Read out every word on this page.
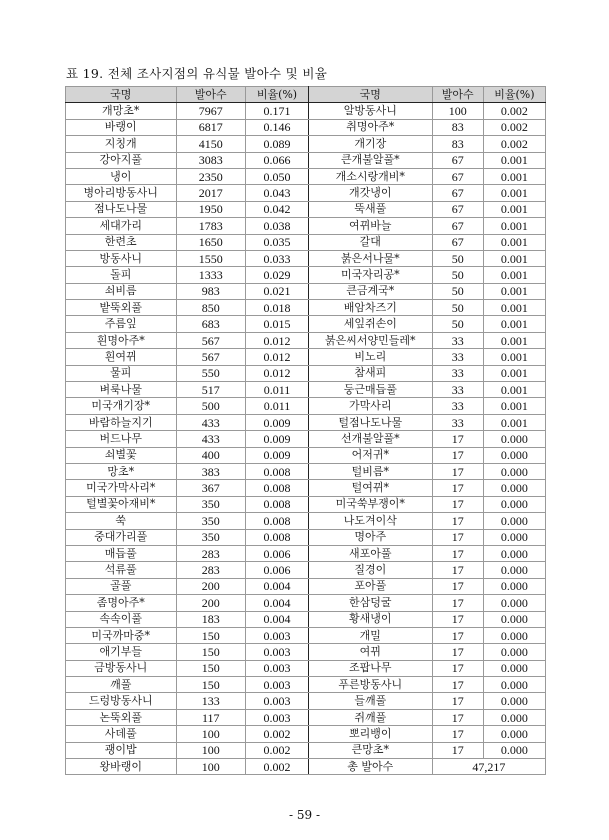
표 19. 전체 조사지점의 유식물 발아수 및 비율
국명	발아수	비율(%)	국명	발아수	비율(%)
개망초*	7967	0.171	알방동사니	100	0.002
바랭이	6817	0.146	취명아주*	83	0.002
지칭개	4150	0.089	개기장	83	0.002
강아지풀	3083	0.066	큰개불알풀*	67	0.001
냉이	2350	0.050	개소시랑개비*	67	0.001
병아리방동사니	2017	0.043	개갓냉이	67	0.001
점나도나물	1950	0.042	뚝새풀	67	0.001
세대가리	1783	0.038	여뀌바늘	67	0.001
한련초	1650	0.035	갈대	67	0.001
방동사니	1550	0.033	붉은서나물*	50	0.001
돌피	1333	0.029	미국자리공*	50	0.001
쇠비름	983	0.021	큰금계국*	50	0.001
밭뚝외풀	850	0.018	배암차즈기	50	0.001
주름잎	683	0.015	세잎쥐손이	50	0.001
흰명아주*	567	0.012	붉은씨서양민들레*	33	0.001
흰여뀌	567	0.012	비노리	33	0.001
물피	550	0.012	참새피	33	0.001
벼룩나물	517	0.011	둥근매듭풀	33	0.001
미국개기장*	500	0.011	가막사리	33	0.001
바람하늘지기	433	0.009	털점나도나물	33	0.001
버드나무	433	0.009	선개불알풀*	17	0.000
쇠별꽃	400	0.009	어저귀*	17	0.000
망초*	383	0.008	털비름*	17	0.000
미국가막사리*	367	0.008	털여뀌*	17	0.000
털별꽃아재비*	350	0.008	미국쑥부쟁이*	17	0.000
쑥	350	0.008	나도겨이삭	17	0.000
중대가리풀	350	0.008	명아주	17	0.000
매듭풀	283	0.006	새포아풀	17	0.000
석류풀	283	0.006	질경이	17	0.000
골풀	200	0.004	포아풀	17	0.000
좀명아주*	200	0.004	한삼덩굴	17	0.000
속속이풀	183	0.004	황새냉이	17	0.000
미국까마중*	150	0.003	개밀	17	0.000
애기부들	150	0.003	여뀌	17	0.000
금방동사니	150	0.003	조팝나무	17	0.000
깨풀	150	0.003	푸른방동사니	17	0.000
드렁방동사니	133	0.003	들깨풀	17	0.000
논뚝외풀	117	0.003	쥐깨풀	17	0.000
사데풀	100	0.002	뽀리뱅이	17	0.000
괭이밥	100	0.002	큰망초*	17	0.000
왕바랭이	100	0.002	총 발아수	47,217	
- 59 -
